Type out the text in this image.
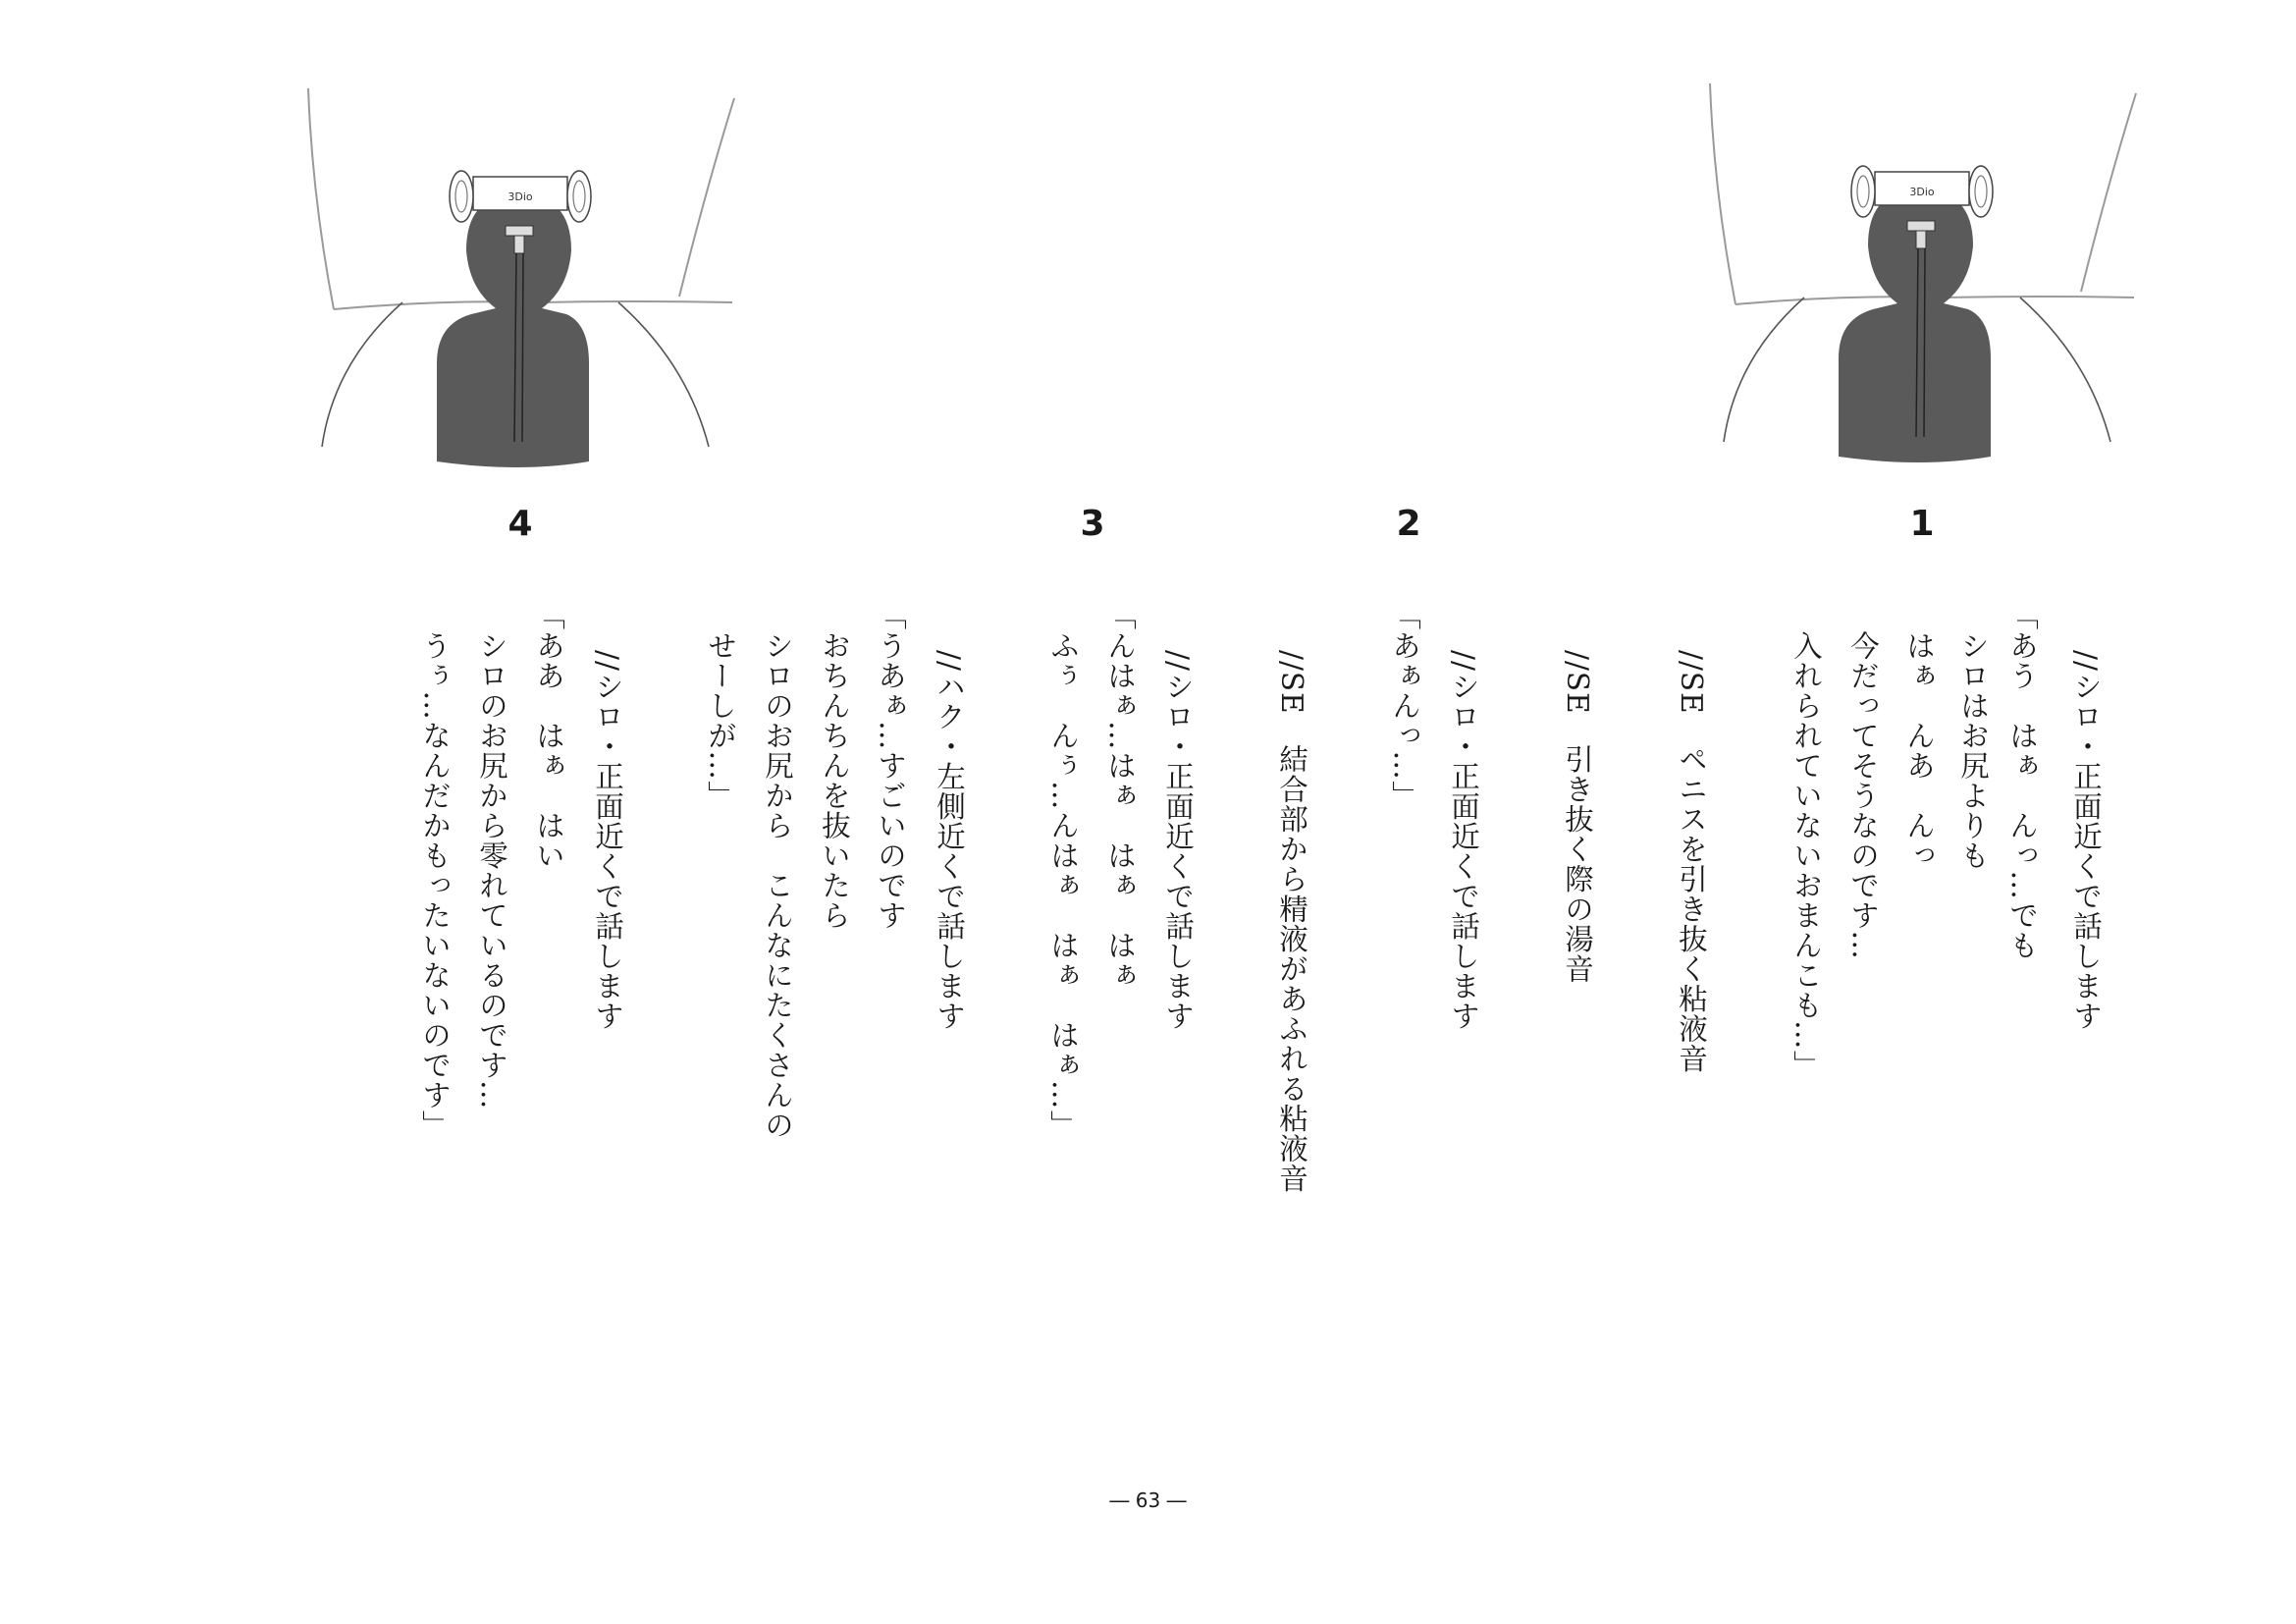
3Dio	3Dio
1
2
3
4
//シロ・正面近くで話します
「あう　はぁ　んっ…でも
　シロはお尻よりも
　はぁ　んあ　んっ
　今だってそうなのです…
　入れられていないおまんこも…」
//SE　ペニスを引き抜く粘液音
//SE　引き抜く際の湯音
//シロ・正面近くで話します
「あぁんっ…」
//SE　結合部から精液があふれる粘液音
//シロ・正面近くで話します
「んはぁ…はぁ　はぁ　はぁ
　ふぅ　んぅ…んはぁ　はぁ　はぁ…」
//ハク・左側近くで話します
「うあぁ…すごいのです
　おちんちんを抜いたら
　シロのお尻から　こんなにたくさんの
　せーしが…」
//シロ・正面近くで話します
「ああ　はぁ　はい
　シロのお尻から零れているのです…
　うぅ…なんだかもったいないのです」
― 63 ―
